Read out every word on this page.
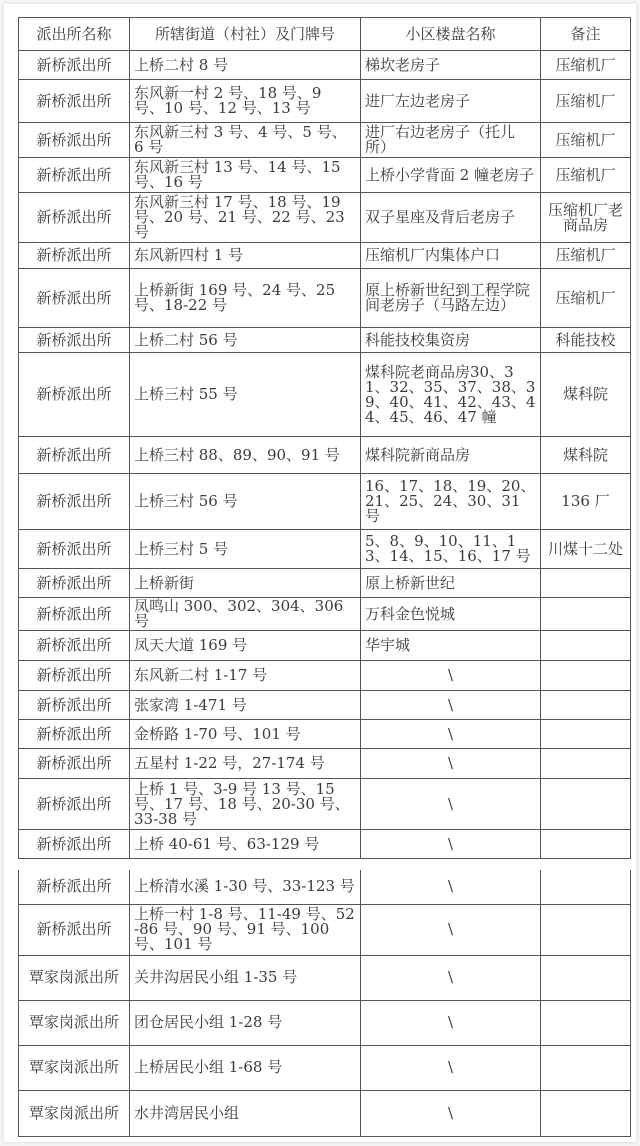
派出所名称	所辖街道（村社）及门牌号	小区楼盘名称	备注
新桥派出所	上桥二村 8 号	梯坎老房子	压缩机厂
新桥派出所	东风新一村 2 号、18 号、9 号、10 号、12 号、13 号	进厂左边老房子	压缩机厂
新桥派出所	东风新三村 3 号、4 号、5 号、6 号	进厂右边老房子（托儿所）	压缩机厂
新桥派出所	东风新三村 13 号、14 号、15 号、16 号	上桥小学背面 2 幢老房子	压缩机厂
新桥派出所	东风新三村 17 号、18 号、19 号、20 号、21 号、22 号、23 号	双子星座及背后老房子	压缩机厂老商品房
新桥派出所	东风新四村 1 号	压缩机厂内集体户口	压缩机厂
新桥派出所	上桥新街 169 号、24 号、25 号、18-22 号	原上桥新世纪到工程学院间老房子（马路左边）	压缩机厂
新桥派出所	上桥二村 56 号	科能技校集资房	科能技校
新桥派出所	上桥三村 55 号	煤科院老商品房30、31、32、35、37、38、39、40、41、42、43、44、45、46、47 幢	煤科院
新桥派出所	上桥三村 88、89、90、91 号	煤科院新商品房	煤科院
新桥派出所	上桥三村 56 号	16、17、18、19、20、21、25、24、30、31 号	136 厂
新桥派出所	上桥三村 5 号	5、8、9、10、11、13、14、15、16、17 号	川煤十二处
新桥派出所	上桥新街	原上桥新世纪	
新桥派出所	凤鸣山 300、302、304、306 号	万科金色悦城	
新桥派出所	凤天大道 169 号	华宇城	
新桥派出所	东风新二村 1-17 号	\	
新桥派出所	张家湾 1-471 号	\	
新桥派出所	金桥路 1-70 号、101 号	\	
新桥派出所	五星村 1-22 号，27-174 号	\	
新桥派出所	上桥 1 号、3-9 号 13 号、15 号、17 号、18 号、20-30 号、33-38 号	\	
新桥派出所	上桥 40-61 号、63-129 号	\	
新桥派出所	上桥清水溪 1-30 号、33-123 号	\	
新桥派出所	上桥一村 1-8 号、11-49 号、52-86 号、90 号、91 号、100 号、101 号	\	
覃家岗派出所	关井沟居民小组 1-35 号	\	
覃家岗派出所	团仓居民小组 1-28 号	\	
覃家岗派出所	上桥居民小组 1-68 号	\	
覃家岗派出所	水井湾居民小组	\	
